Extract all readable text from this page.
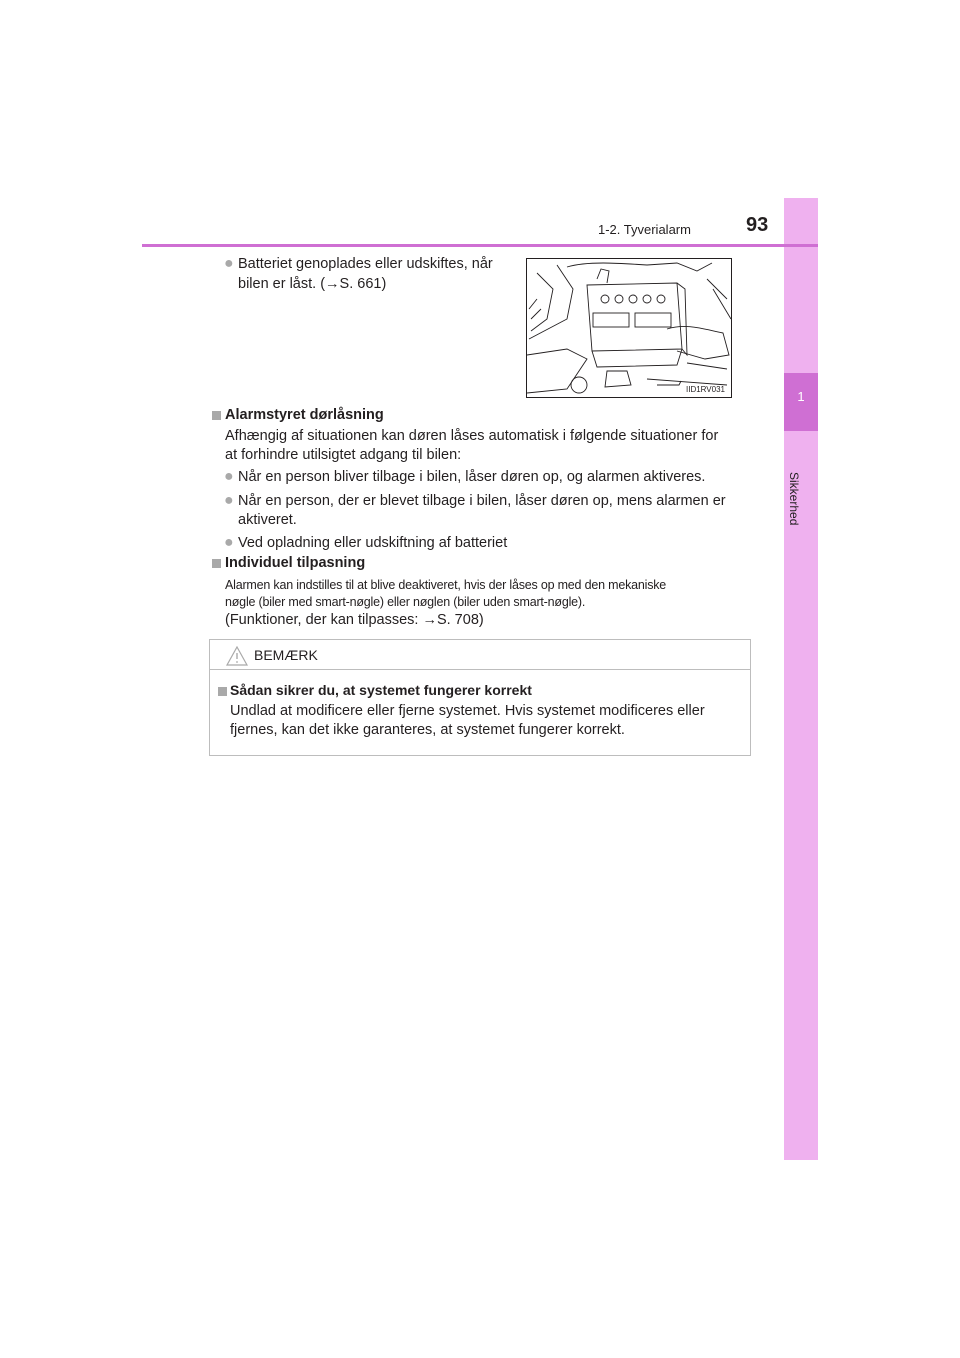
1
Sikkerhed
1-2. Tyverialarm	93
● Batteriet genoplades eller udskiftes, når
bilen er låst. (→S. 661)
IID1RV031
Alarmstyret dørlåsning
Afhængig af situationen kan døren låses automatisk i følgende situationer for
at forhindre utilsigtet adgang til bilen:
● Når en person bliver tilbage i bilen, låser døren op, og alarmen aktiveres.
● Når en person, der er blevet tilbage i bilen, låser døren op, mens alarmen er
aktiveret.
● Ved opladning eller udskiftning af batteriet
Individuel tilpasning
Alarmen kan indstilles til at blive deaktiveret, hvis der låses op med den mekaniske
nøgle (biler med smart-nøgle) eller nøglen (biler uden smart-nøgle).
(Funktioner, der kan tilpasses: →S. 708)
BEMÆRK
Sådan sikrer du, at systemet fungerer korrekt
Undlad at modificere eller fjerne systemet. Hvis systemet modificeres eller
fjernes, kan det ikke garanteres, at systemet fungerer korrekt.
